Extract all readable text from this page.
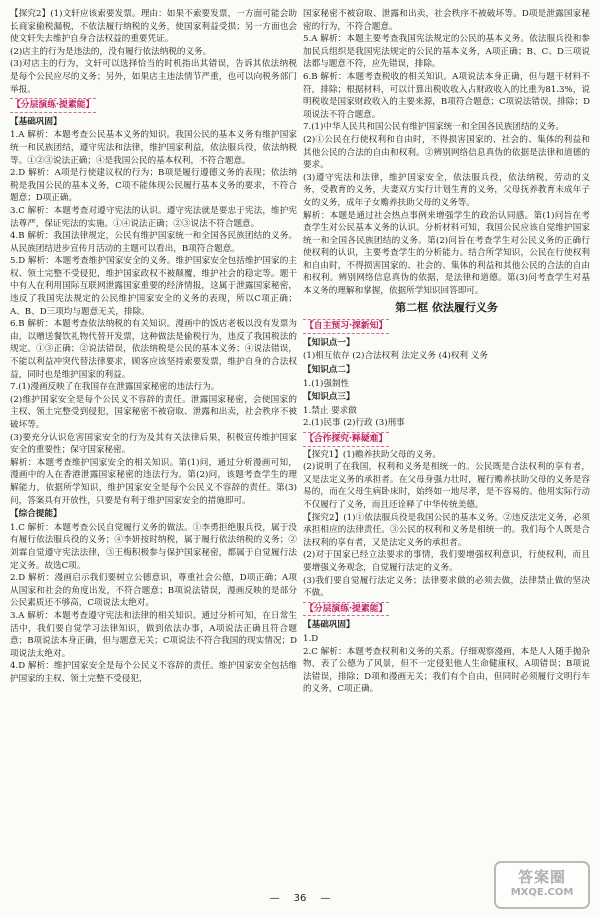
【探究2】(1)文轩应该索要发票。理由：如果不索要发票，一方面可能会助长商家偷税漏税，不依法履行纳税的义务，使国家利益受损；另一方面也会使文轩失去维护自身合法权益的重要凭证。
(2)店主的行为是违法的，没有履行依法纳税的义务。
(3)对店主的行为，文轩可以选择恰当的时机指出其错误，告诉其依法纳税是每个公民应尽的义务；另外，如果店主违法情节严重，也可以向税务部门举报。
【分层演练·提素能】

【基础巩固】
1.A 解析：本题考查公民基本义务的知识。我国公民的基本义务有维护国家统一和民族团结，遵守宪法和法律，维护国家利益，依法服兵役，依法纳税等。①②③说法正确；④是我国公民的基本权利，不符合题意。
2.D 解析：A项是行使建议权的行为；B项是履行遵德义务的表现；依法纳税是我国公民的基本义务，C项不能体现公民履行基本义务的要求，不符合题意；D项正确。
3.C 解析：本题考查对遵守宪法的认识。遵守宪法就是要忠于宪法，维护宪法尊严，保证宪法的实施。①④说法正确；②③说法不符合题意。
4.B 解析：我国法律规定，公民有维护国家统一和全国各民族团结的义务。从民族团结进步宣传月活动的主题可以看出，B项符合题意。
5.D 解析：本题考查维护国家安全的义务。维护国家安全包括维护国家的主权、领土完整不受侵犯，维护国家政权不被颠覆，维护社会的稳定等。题干中有人在利用国际互联网泄露国家重要的经济情报，这属于泄露国家秘密，违反了我国宪法规定的公民维护国家安全的义务的表现，所以C项正确；A、B、D三项均与题意无关，排除。
6.B 解析：本题考查依法纳税的有关知识。漫画中的饭店老板以没有发票为由，以赠送餐饮礼物代替开发票，这种做法是偷税行为，违反了我国税法的规定。①③正确；②说法错误，依法纳税是公民的基本义务；④说法错误，不能以利益冲突代替法律要求，顾客应该坚持索要发票，维护自身的合法权益，同时也是维护国家的利益。
7.(1)漫画反映了在我国存在泄露国家秘密的违法行为。
(2)维护国家安全是每个公民义不容辞的责任。泄露国家秘密，会使国家的主权、领土完整受到侵犯，国家秘密不被窃取、泄露和出卖，社会秩序不被破坏等。
(3)要充分认识危害国家安全的行为及其有关法律后果，积极宣传维护国家安全的重要性；保守国家秘密。
解析：本题考查维护国家安全的相关知识。第(1)问，通过分析漫画可知，漫画中的人在香港泄露国家秘密的违法行为。第(2)问，该题考查学生的理解能力，依据所学知识，维护国家安全是每个公民义不容辞的责任。第(3)问，答案具有开放性，只要是有利于维护国家安全的措施即可。
【综合提能】
1.C 解析：本题考查公民自觉履行义务的做法。①李勇拒绝服兵役，属于没有履行依法服兵役的义务；④李妍按时纳税，属于履行依法纳税的义务；②刘霖自觉遵守宪法法律，③王梅积极参与保护国家秘密，都属于自觉履行法定义务。故选C项。
2.D 解析：漫画启示我们要树立公德意识，尊重社会公德，D项正确；A项从国家和社会的角度出发，不符合题意；B项说法错误，漫画反映的是部分公民素质还不够高，C项说法太绝对。
3.A 解析：本题考查遵守宪法和法律的相关知识。通过分析可知，在日常生活中，我们要自觉学习法律知识，做到依法办事，A项说法正确且符合题意；B项说法本身正确，但与题意无关；C项说法不符合我国的现实情况；D项说法太绝对。
4.D 解析：维护国家安全是每个公民义不容辞的责任。维护国家安全包括维护国家的主权、领土完整不受侵犯，
国家秘密不被窃取、泄露和出卖，社会秩序不被破坏等。D项是泄露国家秘密的行为，不符合题意。
5.A 解析：本题主要考查我国宪法规定的公民的基本义务。依法服兵役和参加民兵组织是我国宪法规定的公民的基本义务，A项正确；B、C、D三项说法都与题意不符，应先错误，排除。
6.B 解析：本题考查税收的相关知识。A项说法本身正确，但与题干材料不符，排除；根据材料，可以计算出税收收入占财政收入的比重为81.3%，说明税收是国家财政收入的主要来源，B项符合题意；C项说法错误，排除；D项说法不符合题意。
7.(1)中华人民共和国公民有维护国家统一和全国各民族团结的义务。
(2)①公民在行使权利和自由时，不得损害国家的、社会的、集体的利益和其他公民的合法的自由和权利。②辨别网络信息真伪的依据是法律和道德的要求。
(3)遵守宪法和法律，维护国家安全，依法服兵役，依法纳税，劳动的义务，受教育的义务，夫妻双方实行计划生育的义务，父母抚养教育未成年子女的义务，成年子女赡养扶助父母的义务等。
解析：本题是通过社会热点事例来增强学生的政治认同感。第(1)问旨在考查学生对公民基本义务的认识。分析材料可知，我国公民应该自觉维护国家统一和全国各民族团结的义务。第(2)问旨在考查学生对公民义务的正确行使权利的认识，主要考查学生的分析能力。结合所学知识，公民在行使权利和自由时，不得损害国家的、社会的、集体的利益和其他公民的合法的自由和权利。辨别网络信息真伪的依据，是法律和道德。第(3)问考查学生对基本义务的理解和掌握，依据所学知识回答即可。
第二框 依法履行义务
【自主预习·探新知】

【知识点一】
(1)相互依存 (2)合法权利 法定义务 (4)权利 义务
【知识点二】
1.(1)强制性
【知识点三】
1.禁止 要求做
2.(1)民事 (2)行政 (3)刑事
【合作探究·释疑难】

【探究1】(1)赡养扶助父母的义务。
(2)说明了在我国，权利和义务是相统一的。公民既是合法权利的享有者，又是法定义务的承担者。在父母身强力壮时，履行赡养扶助父母的义务是容易的，而在父母生病卧床时，始终如一地尽孝，是不容易的。他用实际行动不仅履行了义务，而且还诠释了中华传统美德。
【探究2】(1)①依法服兵役是我国公民的基本义务。②违反法定义务，必须承担相应的法律责任。③公民的权利和义务是相统一的。我们每个人既是合法权利的享有者，又是法定义务的承担者。
(2)对于国家已经立法要求的事情，我们要增强权利意识，行使权利，而且要增强义务观念，自觉履行法定的义务。
(3)我们要自觉履行法定义务；法律要求做的必须去做，法律禁止做的坚决不做。
【分层演练·提素能】

【基础巩固】
1.D
2.C 解析：本题考查权利和义务的关系。仔细观察漫画，本是人人随手抛杂物，表了公德为了风景，但不一定侵犯他人生命健康权，A项错误；B项说法错误，排除；D项和漫画无关；我们有个自由，但同时必须履行文明行车的义务，C项正确。
— 36 —
答案圈
MXQE.COM
